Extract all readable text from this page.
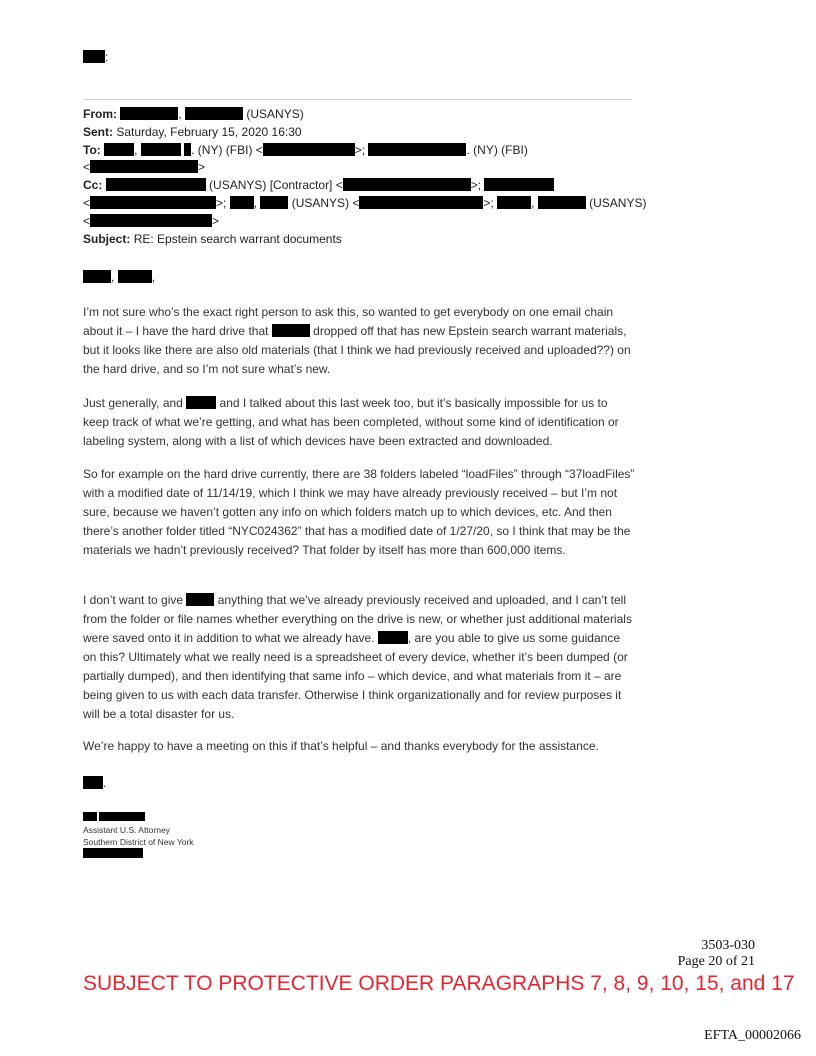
:
From:	,	(USANYS)
Sent: Saturday, February 15, 2020 16:30
To:	,	. (NY) (FBI) <	>;	. (NY) (FBI)
<	>
Cc:	(USANYS) [Contractor] <	>;
<	>; ,	(USANYS) <	>;	,	(USANYS)
<	>
Subject: RE: Epstein search warrant documents
,	,
I’m not sure who’s the exact right person to ask this, so wanted to get everybody on one email chain about it – I have the hard drive that	dropped off that has new Epstein search warrant materials, but it looks like there are also old materials (that I think we had previously received and uploaded??) on the hard drive, and so I’m not sure what’s new.
Just generally, and	and I talked about this last week too, but it’s basically impossible for us to keep track of what we’re getting, and what has been completed, without some kind of identification or labeling system, along with a list of which devices have been extracted and downloaded.
So for example on the hard drive currently, there are 38 folders labeled “loadFiles” through “37loadFiles” with a modified date of 11/14/19, which I think we may have already previously received – but I’m not sure, because we haven’t gotten any info on which folders match up to which devices, etc. And then there’s another folder titled “NYC024362” that has a modified date of 1/27/20, so I think that may be the materials we hadn’t previously received? That folder by itself has more than 600,000 items.
I don’t want to give	anything that we’ve already previously received and uploaded, and I can’t tell from the folder or file names whether everything on the drive is new, or whether just additional materials were saved onto it in addition to what we already have.	, are you able to give us some guidance on this? Ultimately what we really need is a spreadsheet of every device, whether it’s been dumped (or partially dumped), and then identifying that same info – which device, and what materials from it – are being given to us with each data transfer. Otherwise I think organizationally and for review purposes it will be a total disaster for us.
We’re happy to have a meeting on this if that’s helpful – and thanks everybody for the assistance.
.

Assistant U.S. Attorney
Southern District of New York
3503-030
Page 20 of 21
SUBJECT TO PROTECTIVE ORDER PARAGRAPHS 7, 8, 9, 10, 15, and 17
EFTA_00002066
